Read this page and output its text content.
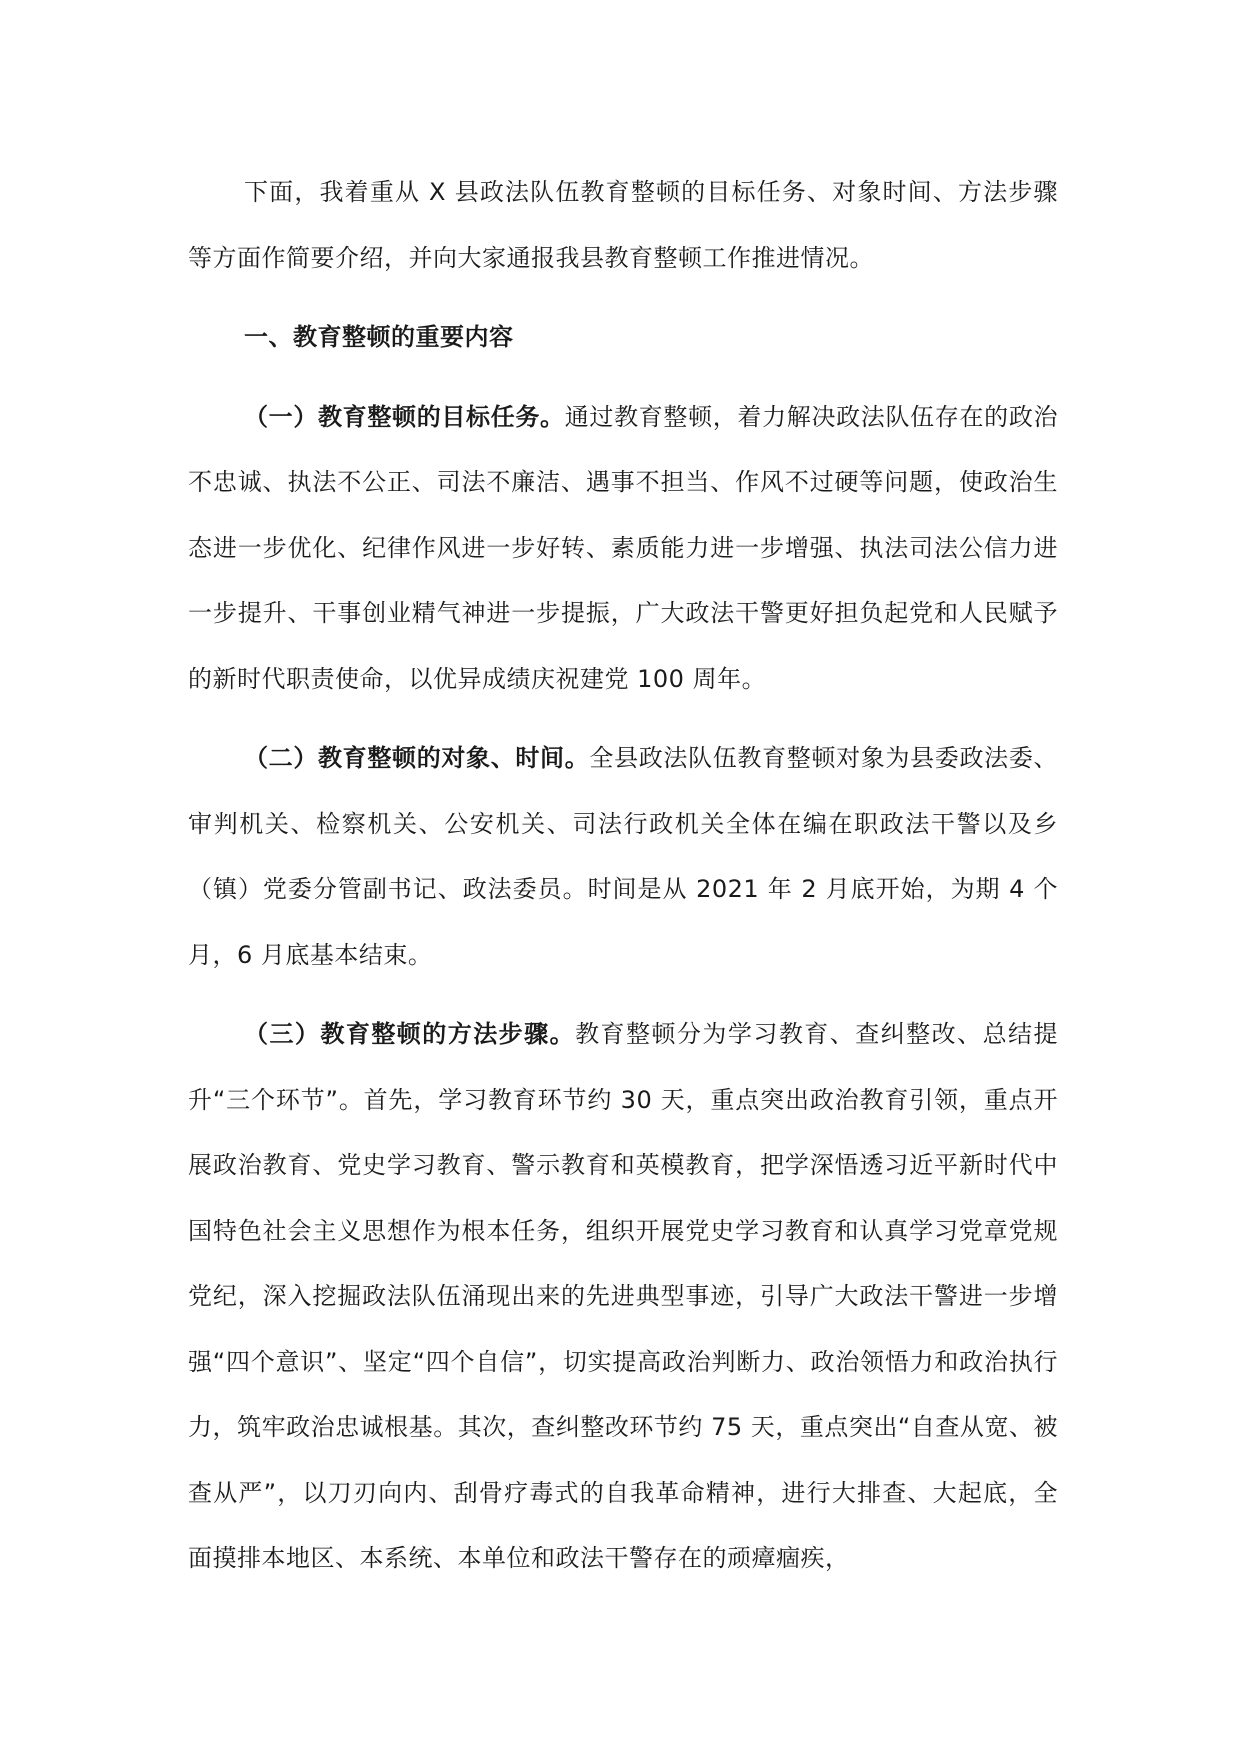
下面，我着重从 X 县政法队伍教育整顿的目标任务、对象时间、方法步骤等方面作简要介绍，并向大家通报我县教育整顿工作推进情况。

一、教育整顿的重要内容

（一）教育整顿的目标任务。通过教育整顿，着力解决政法队伍存在的政治不忠诚、执法不公正、司法不廉洁、遇事不担当、作风不过硬等问题，使政治生态进一步优化、纪律作风进一步好转、素质能力进一步增强、执法司法公信力进一步提升、干事创业精气神进一步提振，广大政法干警更好担负起党和人民赋予的新时代职责使命，以优异成绩庆祝建党 100 周年。

（二）教育整顿的对象、时间。全县政法队伍教育整顿对象为县委政法委、审判机关、检察机关、公安机关、司法行政机关全体在编在职政法干警以及乡（镇）党委分管副书记、政法委员。时间是从 2021 年 2 月底开始，为期 4 个月，6 月底基本结束。

（三）教育整顿的方法步骤。教育整顿分为学习教育、查纠整改、总结提升“三个环节”。首先，学习教育环节约 30 天，重点突出政治教育引领，重点开展政治教育、党史学习教育、警示教育和英模教育，把学深悟透习近平新时代中国特色社会主义思想作为根本任务，组织开展党史学习教育和认真学习党章党规党纪，深入挖掘政法队伍涌现出来的先进典型事迹，引导广大政法干警进一步增强“四个意识”、坚定“四个自信”，切实提高政治判断力、政治领悟力和政治执行力，筑牢政治忠诚根基。其次，查纠整改环节约 75 天，重点突出“自查从宽、被查从严”，以刀刃向内、刮骨疗毒式的自我革命精神，进行大排查、大起底，全面摸排本地区、本系统、本单位和政法干警存在的顽瘴痼疾，
